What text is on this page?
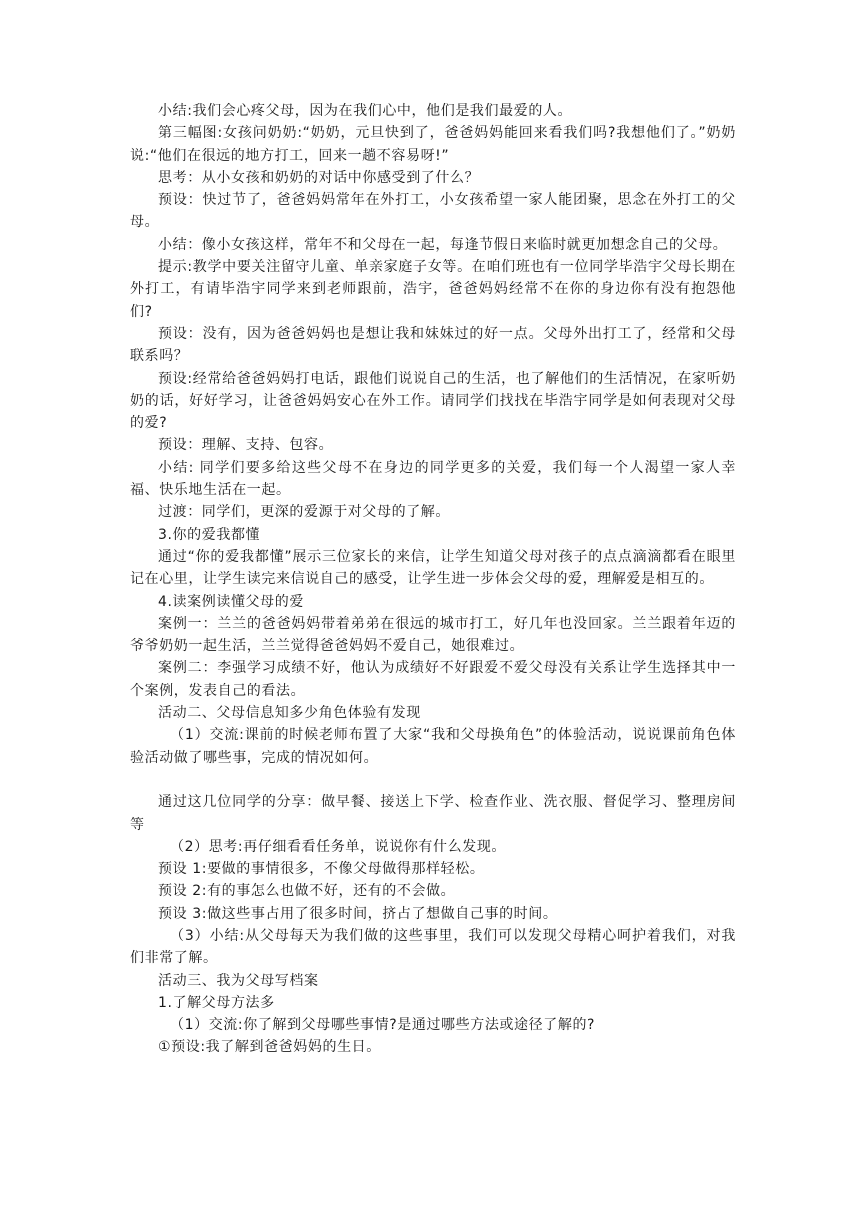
小结:我们会心疼父母，因为在我们心中，他们是我们最爱的人。

第三幅图:女孩问奶奶:“奶奶，元旦快到了，爸爸妈妈能回来看我们吗?我想他们了。”奶奶说:“他们在很远的地方打工，回来一趟不容易呀!”

思考：从小女孩和奶奶的对话中你感受到了什么？

预设：快过节了，爸爸妈妈常年在外打工，小女孩希望一家人能团聚，思念在外打工的父母。

小结：像小女孩这样，常年不和父母在一起，每逢节假日来临时就更加想念自己的父母。

提示:教学中要关注留守儿童、单亲家庭子女等。在咱们班也有一位同学毕浩宇父母长期在外打工，有请毕浩宇同学来到老师跟前，浩宇，爸爸妈妈经常不在你的身边你有没有抱怨他们?

预设：没有，因为爸爸妈妈也是想让我和妹妹过的好一点。父母外出打工了，经常和父母联系吗？

预设:经常给爸爸妈妈打电话，跟他们说说自己的生活，也了解他们的生活情况，在家听奶奶的话，好好学习，让爸爸妈妈安心在外工作。请同学们找找在毕浩宇同学是如何表现对父母的爱?

预设：理解、支持、包容。

小结: 同学们要多给这些父母不在身边的同学更多的关爱，我们每一个人渴望一家人幸福、快乐地生活在一起。

过渡：同学们，更深的爱源于对父母的了解。

3.你的爱我都懂

通过“你的爱我都懂”展示三位家长的来信，让学生知道父母对孩子的点点滴滴都看在眼里记在心里，让学生读完来信说自己的感受，让学生进一步体会父母的爱，理解爱是相互的。

4.读案例读懂父母的爱

案例一：兰兰的爸爸妈妈带着弟弟在很远的城市打工，好几年也没回家。兰兰跟着年迈的爷爷奶奶一起生活，兰兰觉得爸爸妈妈不爱自己，她很难过。

案例二：李强学习成绩不好，他认为成绩好不好跟爱不爱父母没有关系让学生选择其中一个案例，发表自己的看法。

活动二、父母信息知多少角色体验有发现

（1）交流:课前的时候老师布置了大家“我和父母换角色”的体验活动，说说课前角色体验活动做了哪些事，完成的情况如何。

通过这几位同学的分享：做早餐、接送上下学、检查作业、洗衣服、督促学习、整理房间等

（2）思考:再仔细看看任务单，说说你有什么发现。

预设 1:要做的事情很多，不像父母做得那样轻松。

预设 2:有的事怎么也做不好，还有的不会做。

预设 3:做这些事占用了很多时间，挤占了想做自己事的时间。

（3）小结:从父母每天为我们做的这些事里，我们可以发现父母精心呵护着我们，对我们非常了解。

活动三、我为父母写档案

1.了解父母方法多

（1）交流:你了解到父母哪些事情?是通过哪些方法或途径了解的?

①预设:我了解到爸爸妈妈的生日。
